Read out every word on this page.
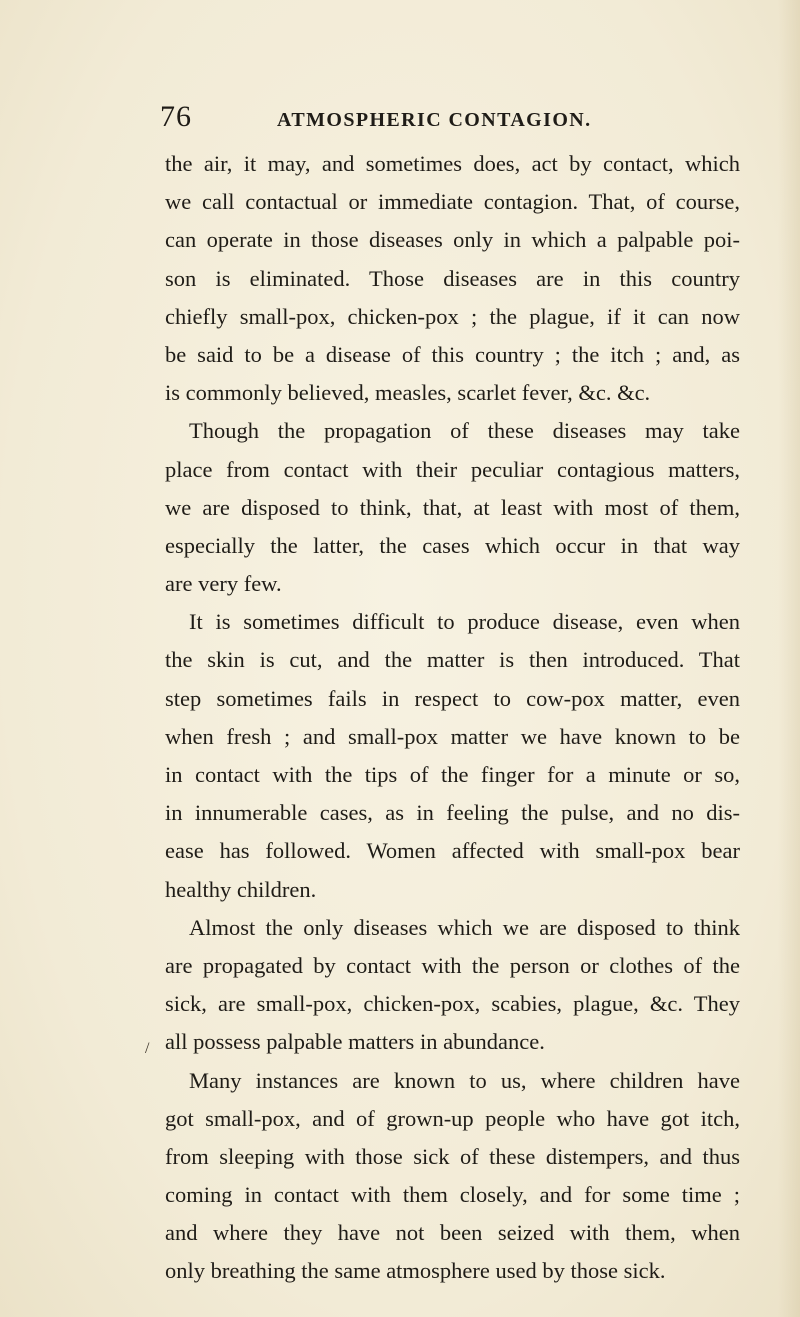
76	ATMOSPHERIC CONTAGION.
/
the air, it may, and sometimes does, act by contact, which
we call contactual or immediate contagion. That, of course,
can operate in those diseases only in which a palpable poi-
son is eliminated. Those diseases are in this country
chiefly small-pox, chicken-pox ; the plague, if it can now
be said to be a disease of this country ; the itch ; and, as
is commonly believed, measles, scarlet fever, &c. &c.
Though the propagation of these diseases may take
place from contact with their peculiar contagious matters,
we are disposed to think, that, at least with most of them,
especially the latter, the cases which occur in that way
are very few.
It is sometimes difficult to produce disease, even when
the skin is cut, and the matter is then introduced. That
step sometimes fails in respect to cow-pox matter, even
when fresh ; and small-pox matter we have known to be
in contact with the tips of the finger for a minute or so,
in innumerable cases, as in feeling the pulse, and no dis-
ease has followed. Women affected with small-pox bear
healthy children.
Almost the only diseases which we are disposed to think
are propagated by contact with the person or clothes of the
sick, are small-pox, chicken-pox, scabies, plague, &c. They
all possess palpable matters in abundance.
Many instances are known to us, where children have
got small-pox, and of grown-up people who have got itch,
from sleeping with those sick of these distempers, and thus
coming in contact with them closely, and for some time ;
and where they have not been seized with them, when
only breathing the same atmosphere used by those sick.
